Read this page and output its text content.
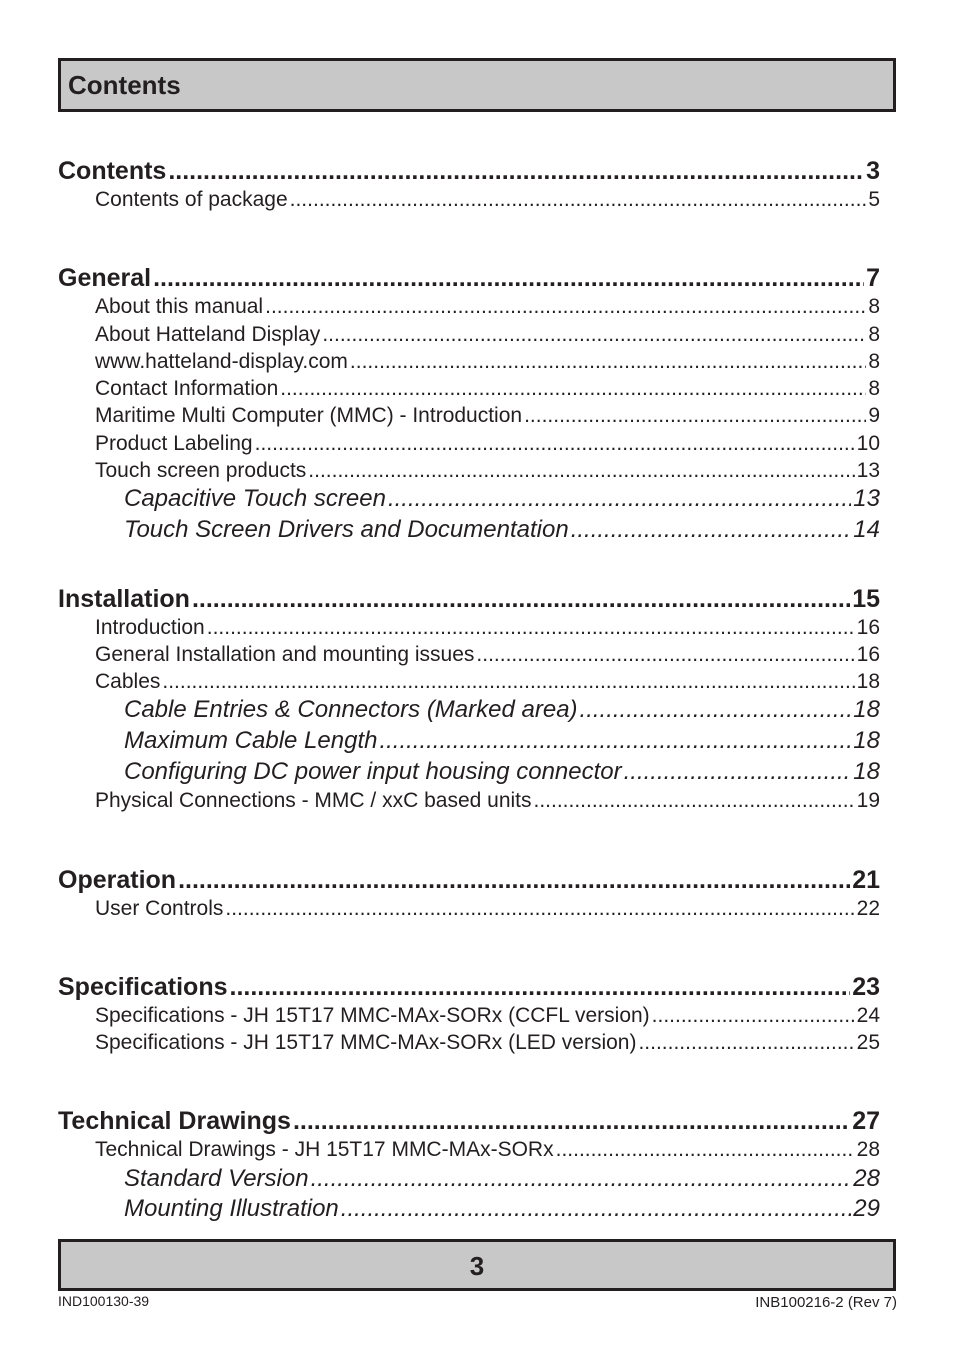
Contents
Contents .....	3
Contents of package .....	5
General .....	7
About this manual .....	8
About Hatteland Display .....	8
www.hatteland-display.com .....	8
Contact Information .....	8
Maritime Multi Computer (MMC) - Introduction .....	9
Product Labeling .....	10
Touch screen products .....	13
Capacitive Touch screen .....	13
Touch Screen Drivers and Documentation .....	14
Installation .....	15
Introduction .....	16
General Installation and mounting issues .....	16
Cables .....	18
Cable Entries & Connectors (Marked area) .....	18
Maximum Cable Length .....	18
Configuring DC power input housing connector .....	18
Physical Connections - MMC / xxC based units .....	19
Operation .....	21
User Controls .....	22
Specifications .....	23
Specifications - JH 15T17 MMC-MAx-SORx (CCFL version) .....	24
Specifications - JH 15T17 MMC-MAx-SORx (LED version) .....	25
Technical Drawings .....	27
Technical Drawings - JH 15T17 MMC-MAx-SORx .....	28
Standard Version .....	28
Mounting Illustration .....	29
3
IND100130-39	INB100216-2 (Rev 7)
